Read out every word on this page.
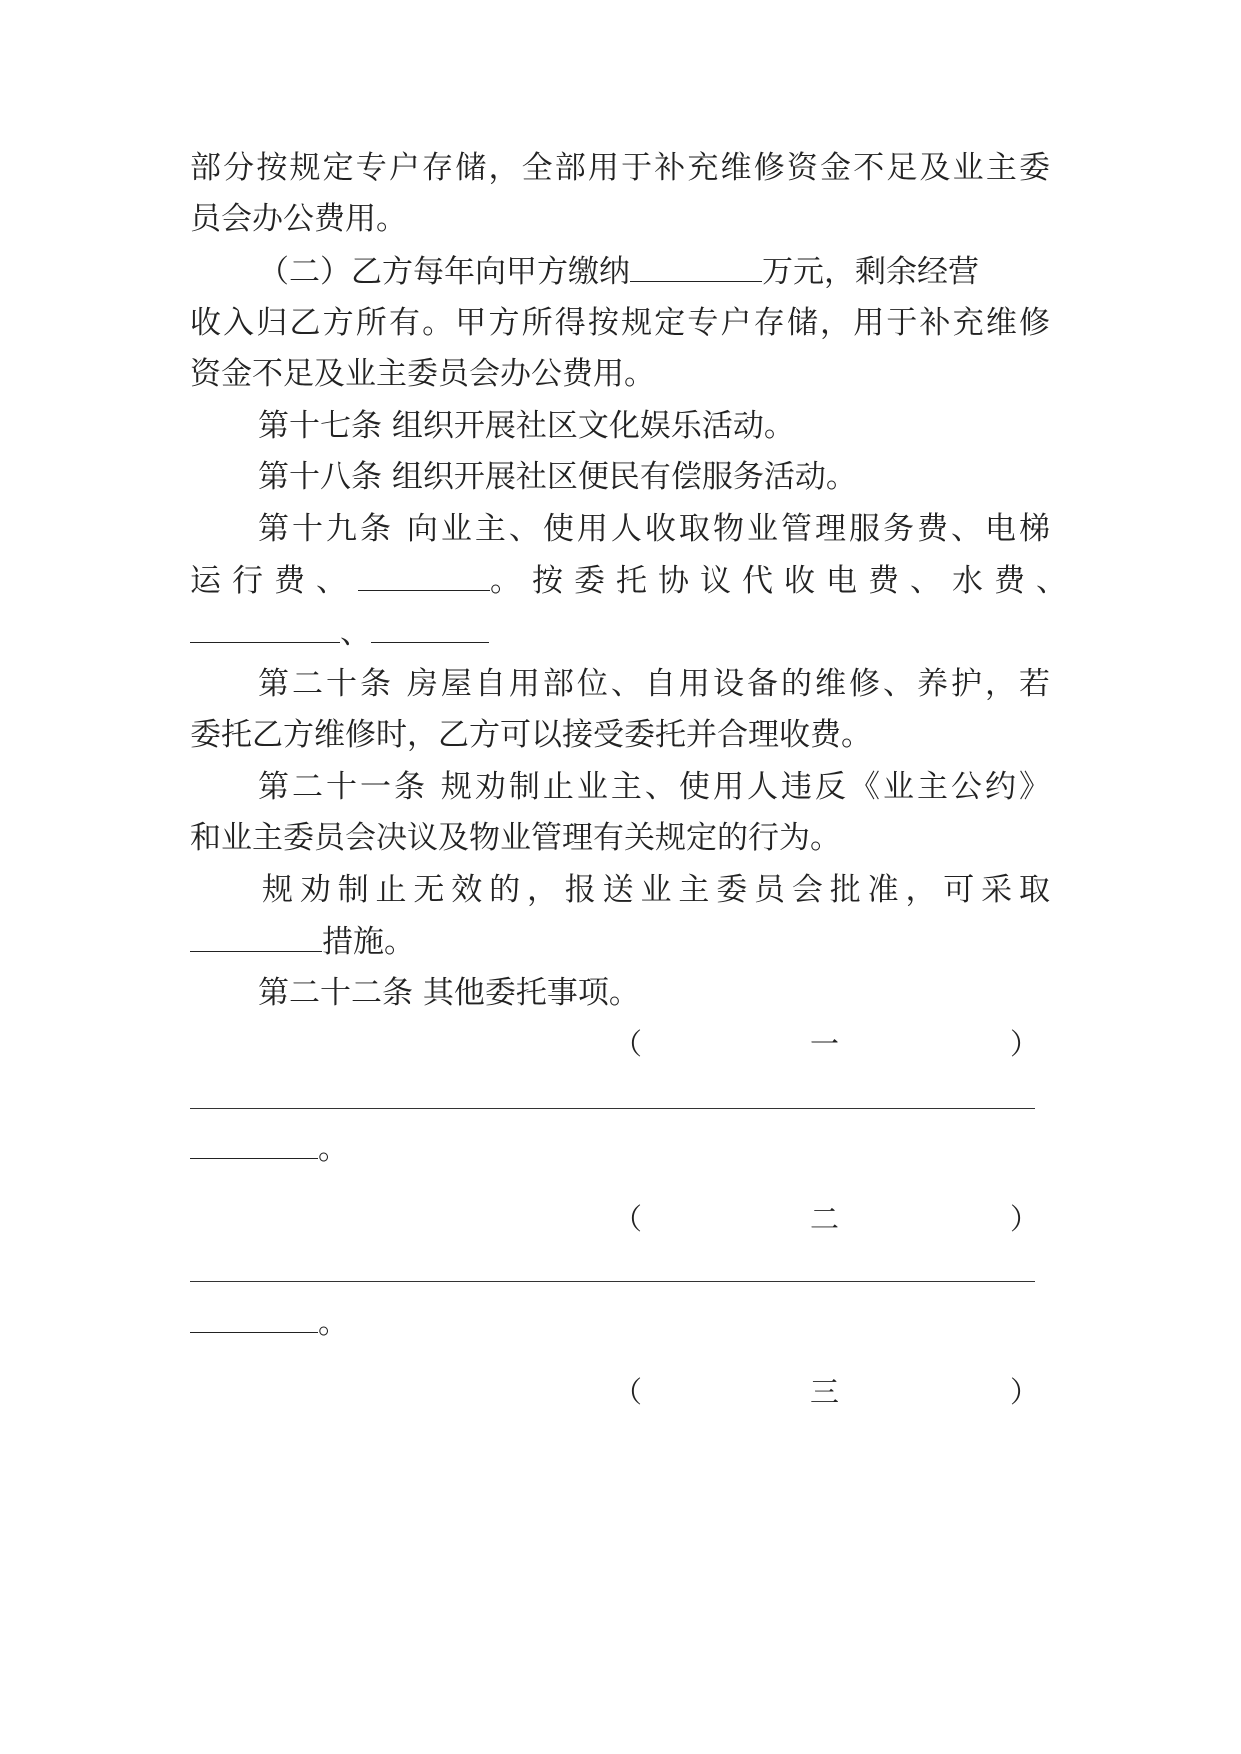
部分按规定专户存储，全部用于补充维修资金不足及业主委
员会办公费用。
（二）乙方每年向甲方缴纳	万元，剩余经营
收入归乙方所有。甲方所得按规定专户存储，用于补充维修
资金不足及业主委员会办公费用。
第十七条 组织开展社区文化娱乐活动。
第十八条 组织开展社区便民有偿服务活动。
第十九条 向业主、使用人收取物业管理服务费、电梯
运行费、	。按委托协议代收电费、水费、
、
第二十条 房屋自用部位、自用设备的维修、养护，若
委托乙方维修时，乙方可以接受委托并合理收费。
第二十一条 规劝制止业主、使用人违反《业主公约》
和业主委员会决议及物业管理有关规定的行为。
规劝制止无效的，报送业主委员会批准，可采取
措施。
第二十二条 其他委托事项。
（	一	）
。
（	二	）
。
（	三	）
